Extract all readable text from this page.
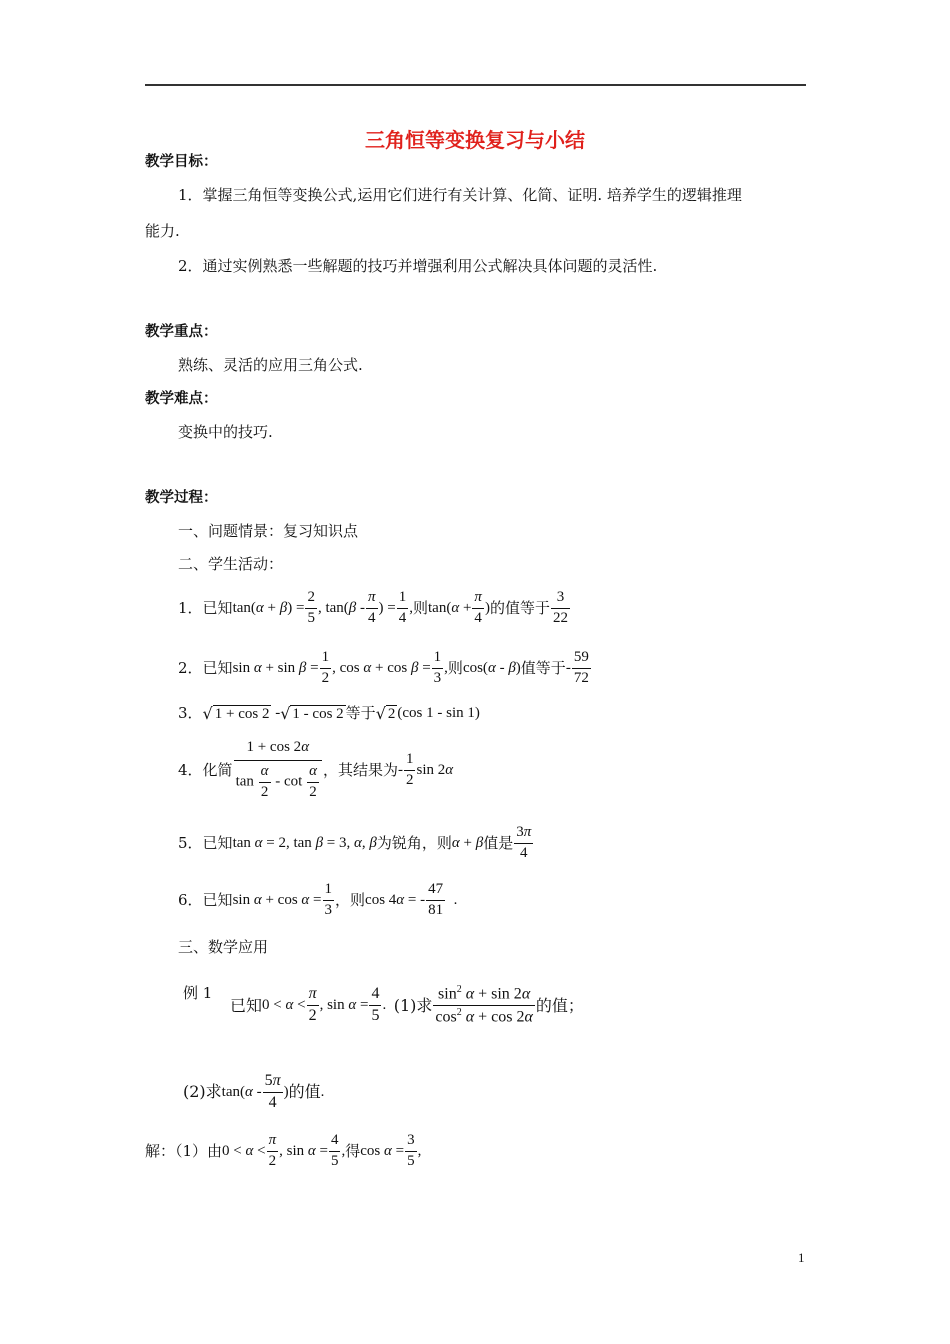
三角恒等变换复习与小结
教学目标：
1．掌握三角恒等变换公式,运用它们进行有关计算、化简、证明. 培养学生的逻辑推理
能力.
2．通过实例熟悉一些解题的技巧并增强利用公式解决具体问题的灵活性.
教学重点：
熟练、灵活的应用三角公式.
教学难点：
变换中的技巧.
教学过程：
一、问题情景：复习知识点
二、学生活动：
1． 已知 $\tan(\alpha + \beta) = \frac{2}{5}$ , $\tan(\beta - \frac{\pi}{4}$ ) = $\frac{1}{4}$ , 则 $\tan(\alpha + \frac{\pi}{4}$ ) 的值等于 $\frac{3}{22}$
2． 已知 $\sin \alpha + \sin \beta = \frac{1}{2}$ , $\cos \alpha + \cos \beta = \frac{1}{3}$ , 则 cos(α - β) 值等于 - $\frac{59}{72}$
3． √ 1 + cos 2 - √ 1 - cos 2 等于 √ 2 (cos 1 - sin 1)
4． 化简 $\frac{1 + \cos 2\alpha}{\tan \frac{\alpha}{2} - \cot \frac{\alpha}{2}}$ ，其结果为 - $\frac{1}{2}$ sin 2α
5． 已知 tan α = 2, tan β = 3, α, β 为锐角，则 α + β 值是 $\frac{3\pi}{4}$
6． 已知 $\sin \alpha + \cos \alpha = \frac{1}{3}$ ，则 cos 4α = - $\frac{47}{81}$ .
三、数学应用
例 1
已知 $0 < \alpha < \frac{\pi}{2}$ , $\sin \alpha = \frac{4}{5}$ . (1)求 $\frac{\sin^2 \alpha + \sin 2\alpha}{\cos^2 \alpha + \cos 2\alpha}$ 的值 ；
(2)求 $\tan(\alpha - \frac{5\pi}{4}$ ) 的值 .
解：（1）由 $0 < \alpha < \frac{\pi}{2}$ , $\sin \alpha = \frac{4}{5}$ , 得 $\cos \alpha = \frac{3}{5}$ ,
1
